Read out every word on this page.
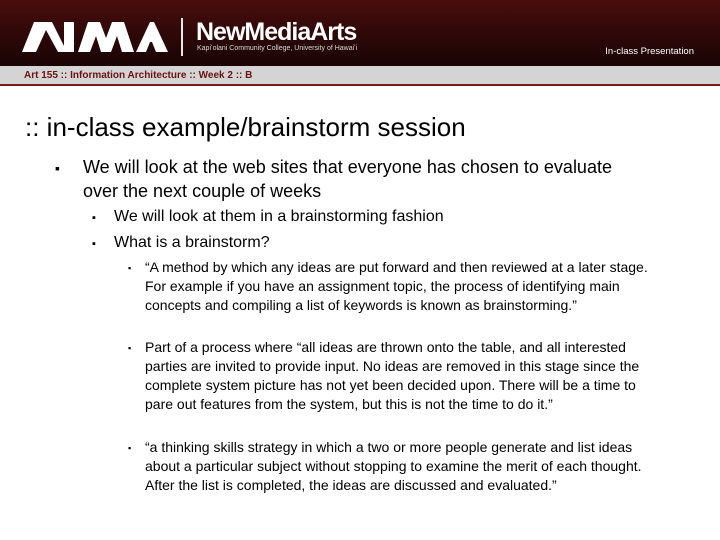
NewMediaArts
Kapiʻolani Community College, University of Hawaiʻi	In-class Presentation
Art 155 :: Information Architecture :: Week 2 :: B
:: in-class example/brainstorm session
▪ We will look at the web sites that everyone has chosen to evaluate over the next couple of weeks
▪ We will look at them in a brainstorming fashion
▪ What is a brainstorm?
▪ “A method by which any ideas are put forward and then reviewed at a later stage. For example if you have an assignment topic, the process of identifying main concepts and compiling a list of keywords is known as brainstorming.”
▪ Part of a process where “all ideas are thrown onto the table, and all interested parties are invited to provide input. No ideas are removed in this stage since the complete system picture has not yet been decided upon. There will be a time to pare out features from the system, but this is not the time to do it.”
▪ “a thinking skills strategy in which a two or more people generate and list ideas about a particular subject without stopping to examine the merit of each thought. After the list is completed, the ideas are discussed and evaluated.”
